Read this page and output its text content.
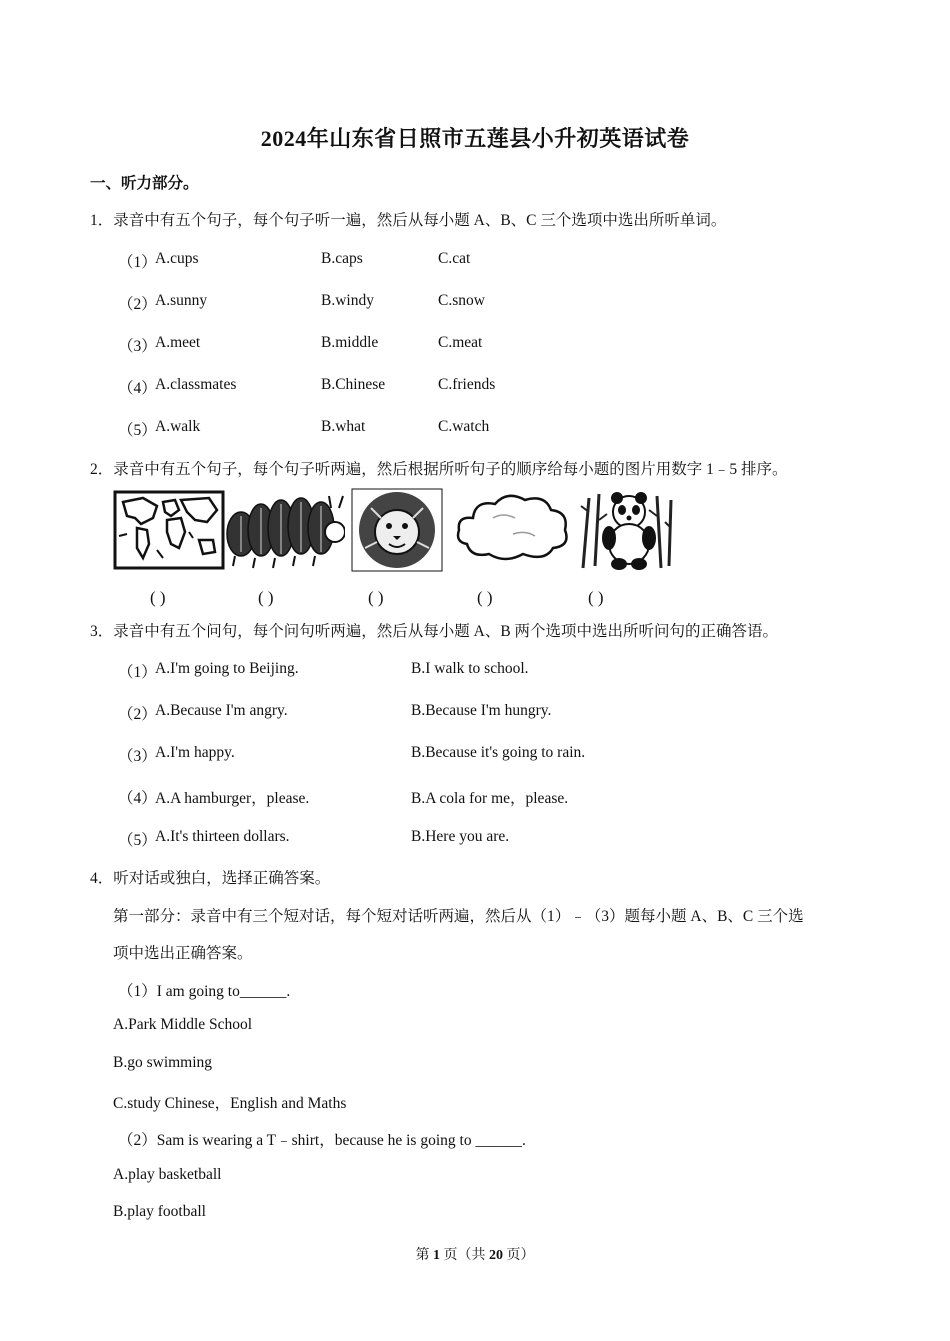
2024年山东省日照市五莲县小升初英语试卷
一、听力部分。
1．录音中有五个句子，每个句子听一遍，然后从每小题 A、B、C 三个选项中选出所听单词。
（1）
A.cups	B.caps	C.cat
（2）
A.sunny	B.windy	C.snow
（3）
A.meet	B.middle	C.meat
（4）
A.classmates	B.Chinese	C.friends
（5）
A.walk	B.what	C.watch
2．录音中有五个句子，每个句子听两遍，然后根据所听句子的顺序给每小题的图片用数字 1﹣5 排序。
( )	( )	( )	( )	( )
3．录音中有五个问句，每个问句听两遍，然后从每小题 A、B 两个选项中选出所听问句的正确答语。
（1）
A.I'm going to Beijing.	B.I walk to school.
（2）
A.Because I'm angry.	B.Because I'm hungry.
（3）
A.I'm happy.	B.Because it's going to rain.
（4）
A.A hamburger，please.	B.A cola for me，please.
（5）
A.It's thirteen dollars.	B.Here you are.
4．听对话或独白，选择正确答案。
第一部分：录音中有三个短对话，每个短对话听两遍，然后从（1）﹣（3）题每小题 A、B、C 三个选
项中选出正确答案。
（1）I am going to______.
A.Park Middle School
B.go swimming
C.study Chinese，English and Maths
（2）Sam is wearing a T﹣shirt，because he is going to ______.
A.play basketball
B.play football
第 1 页（共 20 页）
